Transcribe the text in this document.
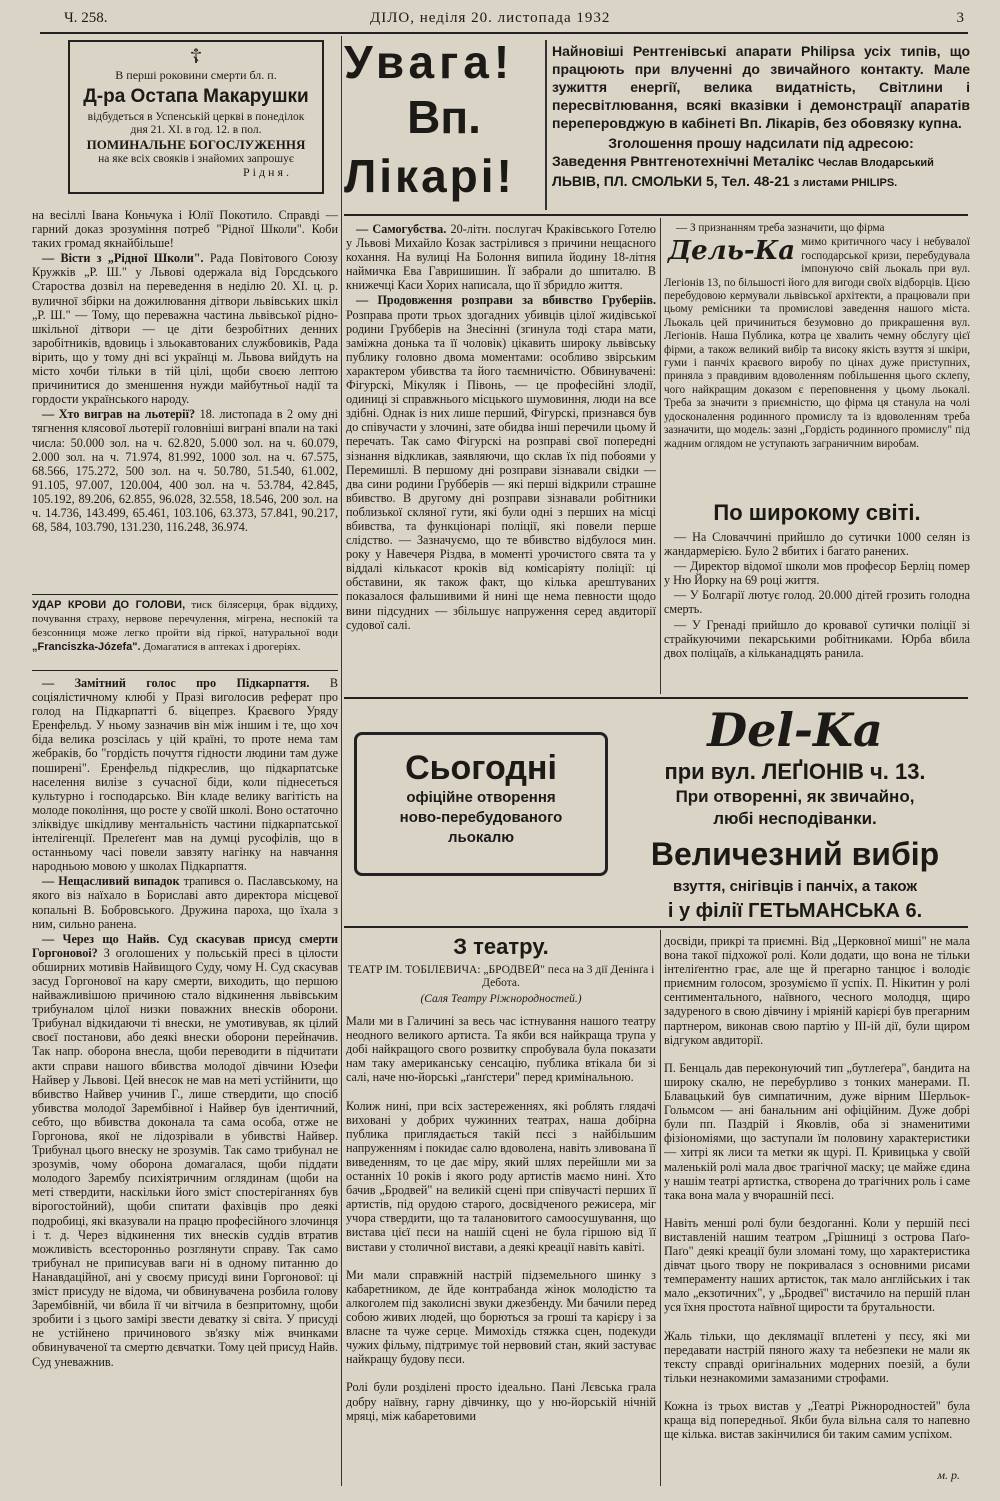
Ч. 258.	ДІЛО, неділя 20. листопада 1932	3
☦
В перші роковини смерти бл. п.
Д-ра Остапа Макарушки
відбудеться в Успенській церкві в понеділок дня 21. XI. в год. 12. в пол.
ПОМИНАЛЬНЕ БОГОСЛУЖЕННЯ
на яке всіх свояків і знайомих запрошує
Рідня.

на весіллі Івана Коньчука і Юлії Покотило. Справді — гарний доказ зрозуміння потреб "Рідної Школи". Коби таких громад якнайбільше!

— Вісти з „Рідної Школи". Рада Повітового Союзу Кружків „Р. Ш." у Львові одержала від Горсдського Староства дозвіл на переведення в неділю 20. XI. ц. р. вуличної збірки на дожилювання дітвори львівських шкіл „Р. Ш." — Тому, що переважна частина львівської рідно-шкільної дітвори — це діти безробітних денних заробітників, вдовиць і зльокавтованих службовиків, Рада вірить, що у тому дні всі українці м. Львова вийдуть на місто хочби тільки в тій цілі, щоби своєю лептою причинитися до зменшення нужди майбутньої надії та гордости українського народу.

— Хто виграв на льотерії? 18. листопада в 2 ому дні тягнення клясової льотерії головніші виграні впали на такі числа: 50.000 зол. на ч. 62.820, 5.000 зол. на ч. 60.079, 2.000 зол. на ч. 71.974, 81.992, 1000 зол. на ч. 67.575, 68.566, 175.272, 500 зол. на ч. 50.780, 51.540, 61.002, 91.105, 97.007, 120.004, 400 зол. на ч. 53.784, 42.845, 105.192, 89.206, 62.855, 96.028, 32.558, 18.546, 200 зол. на ч. 14.736, 143.499, 65.461, 103.106, 63.373, 57.841, 90.217, 68, 584, 103.790, 131.230, 116.248, 36.974.

УДАР КРОВИ ДО ГОЛОВИ, тиск білясерця, брак віддиху, почування страху, нервове перечулення, мігрена, неспокій та безсонниця може легко пройти від гіркої, натуральної води „Franciszka-Józefa". Домагатися в аптеках і дрогеріях.

— Замітний голос про Підкарпаття. В соціялістичному клюбі у Празі виголосив реферат про голод на Підкарпатті б. віцепрез. Краєвого Уряду Еренфельд. У ньому зазначив він між іншим і те, що хоч біда велика розсілась у цій країні, то проте нема там жебраків, бо "гордість почуття гідности людини там дуже поширені". Еренфельд підкреслив, що підкарпатське населення вилізе з сучасної біди, коли піднесеться культурно і господарсько. Він кладе велику вагітість на молоде покоління, що росте у своїй школі. Воно остаточно зліквідує шкідливу ментальність частини підкарпатської інтелігенції. Прелеґент мав на думці русофілів, що в останньому часі повели завзяту нагінку на навчання народньою мовою у школах Підкарпаття.

— Нещасливий випадок трапився о. Паславському, на якого віз наїхало в Бориславі авто директора місцевої копальні В. Бобровського. Дружина пароха, що їхала з ним, сильно ранена.

— Через що Найв. Суд скасував присуд смерти Горгоновоі? З оголошених у польській пресі в цілости обширних мотивів Найвищого Суду, чому Н. Суд скасував засуд Горгонової на кару смерти, виходить, що першою найважливішою причиною стало відкинення львівським трибуналом цілої низки поважних внесків оборони. Трибунал відкидаючи ті внески, не умотивував, як цілий своєї постанови, або деякі внески оборони перейначив. Так напр. оборона внесла, щоби переводити в підчитати акти справи нашого вбивства молодої дівчини Юзефи Найвер у Львові. Цей внесок не мав на меті устійнити, що вбивство Найвер учинив Г., лише ствердити, що спосіб убивства молодої Зарембівної і Найвер був ідентичний, себто, що вбивства доконала та сама особа, отже не Горгонова, якої не лідозрівали в убивстві Найвер. Трибунал цього внеску не зрозумів. Так само трибунал не зрозумів, чому оборона домагалася, щоби піддати молодого Зарембу психіятричним оглядинам (щоби на меті ствердити, наскільки його зміст спостеріганнях був вірогостойний), щоби спитати фахівців про деякі подробиці, які вказували на працю професійного злочинця і т. д. Через відкинення тих внесків суддів втратив можливість всесторонньо розглянути справу. Так само трибунал не приписував ваги ні в одному питанню до Нанавдаційної, ані у своєму присуді вини Горгонової: ці зміст присуду не відома, чи обвинувачена розбила голову Зарембівній, чи вбила її чи вітчила в безпритомну, щоби зробити і з цього замірі звести деватку зі світа. У присуді не устійнено причинового зв'язку між вчинками обвинуваченої та смертю дєвчатки. Тому цей присуд Найв. Суд уневажнив.

Увага!
Вп.
Лікарі!
Найновіші Рентгенівські апарати Philipsа усіх типів, що працюють при влученні до звичайного контакту. Мале зужиття енергії, велика видатність, Світлини і пересвітлювання, всякі вказівки і демонстрації апаратів переперовджую в кабінеті Вп. Лікарів, без обовязку купна.
Зголошення прошу надсилати під адресою:
Заведення Рвнтгенотехнічні Металікс Чеслав Влодарський
ЛЬВІВ, ПЛ. СМОЛЬКИ 5, Тел. 48-21 з листами PHILIPS.

— Самогубства. 20-літн. послугач Краківського Готелю у Львові Михайло Козак застрілився з причини нещасного кохання. На вулиці На Болоння випила йодину 18-літня наймичка Ева Гавришишин. Її забрали до шпиталю. В книжечці Каси Хорих написала, що її збридло життя.

— Продовження розправи за вбивство Груберіів. Розправа проти трьох здогадних убивців цілої жидівської родини Грубберів на Знесінні (згинула тоді стара мати, заміжна донька та її чоловік) цікавить широку львівську публику головно двома моментами: особливо звірським характером убивства та його таємничістю. Обвинувачені: Фігурскі, Мікуляк і Півонь, — це професійні злодії, одиниці зі справжнього місцького шумовиння, люди на все здібні. Однак із них лише перший, Фігурскі, признався був до співучасти у злочині, зате обидва інші перечили цьому й перечать. Так само Фігурскі на розправі свої попередні зізнання відкликав, заявляючи, що склав їх під побоями у Перемишлі. В першому дні розправи зізнавали свідки — два сини родини Грубберів — які перші відкрили страшне вбивство. В другому дні розправи зізнавали робітники поблизької скляної гути, які були одні з перших на місці вбивства, та функціонарі поліції, які повели перше слідство. — Зазначуємо, що те вбивство відбулося мин. року у Навечеря Різдва, в моменті урочистого свята та у віддалі кількасот кроків від комісаріяту поліції: ці обставини, як також факт, що кілька арештуваних показалося фальшивими й нині ще нема певности щодо вини підсудних — збільшує напруження серед авдиторії судової салі.

— З признанням треба зазначити, що фірма

Дель-Ка мимо критичного часу і небувалої господарської кризи, перебудувала імпонуючо свій льокаль при вул. Легіонів 13, по більшості його для вигоди своїх відборців. Цією перебудовою кермували львівської архітекти, а працювали при цьому ремісники та промислові заведення нашого міста. Льокаль цей причиниться безумовно до прикрашення вул. Легіонів. Наша Публика, котра це хвалить чемну обслугу цієї фірми, а також великий вибір та високу якість взуття зі шкіри, гуми і панчіх краєвого виробу по цінах дуже приступних, приняла з правдивим вдоволенням побільшення цього склепу, чого найкращим доказом є переповнення у цьому льокалі. Треба за значити з приємністю, що фірма ця станула на чолі удосконалення родинного промислу та із вдоволенням треба зазначити, що модель: зазні „Гордість родинного промислу" під жадним оглядом не уступають заграничним виробам.

По широкому світі.

— На Словаччині прийшло до сутички 1000 селян із жандармерією. Було 2 вбитих і багато ранених.

— Директор відомої школи мов професор Берліц помер у Ню Йорку на 69 році життя.

— У Болгарії лютує голод. 20.000 дітей грозить голодна смерть.

— У Гренаді прийшло до кровавої сутички поліції зі страйкуючими пекарськими робітниками. Юрба вбила двох поліцаїв, а кільканадцять ранила.

Сьогодні
офіційне отворення
ново-перебудованого
льокалю
Del-Ka
при вул. ЛЕҐІОНІВ ч. 13.
При отворенні, як звичайно,
любі несподіванки.
Величезний вибір
взуття, снігівців і панчіх, а також
і у філії ГЕТЬМАНСЬКА 6.
З театру.
ТЕАТР ІМ. ТОБІЛЕВИЧА: „БРОДВЕЙ" песа на 3 дії Денінґа і Дебота.
(Саля Театру Ріжнородностей.)
Мали ми в Галичині за весь час істнування нашого театру неодного великого артиста. Та якби вся найкраща трупа у добі найкращого свого розвитку спробувала була показати нам таку американську сенсацію, публика втікала би зі салі, наче ню-йорські „ґанґстери" перед кримінальною.

Колиж нині, при всіх застереженнях, які роблять глядачі виховані у добрих чужинних театрах, наша добірна публика приглядається такій пєсі з найбільшим напруженням і покидає салю вдоволена, навіть зливована її виведенням, то це дає міру, який шлях перейшли ми за останніх 10 років і якого роду артистів маємо нині. Хто бачив „Бродвей" на великій сцені при співучасті перших її артистів, під орудою старого, досвідченого режисера, міг учора ствердити, що та талановитого самоосушування, що вистава цієї пєси на нашій сцені не була гіршою від її вистави у столичної вистави, а деякі креації навіть кавіті.

Ми мали справжній настрій підземельного шинку з кабаретником, де йде контрабанда жінок молодістю та алкоголем під заколисні звуки джезбенду. Ми бачили перед собою живих людей, що борються за гроші та карієру і за власне та чуже серце. Мимохідь стяжка сцен, подекуди чужих фільму, підтримує той нервовий стан, який застуває найкращу будову пєси.

Ролі були розділені просто ідеально. Пані Лєвська грала добру наївну, гарну дівчинку, що у ню-йорській нічній мряці, між кабаретовими
досвіди, прикрі та приємні. Від „Церковної миші" не мала вона такої підхожої ролі. Коли додати, що вона не тільки інтеліґентно грає, але ще й прегарно танцює і володіє приємним голосом, зрозуміємо її успіх. П. Нікитин у ролі сентиментального, наївного, чесного молодця, щиро задуреного в свою дівчину і мріяній карієрі був прегарним партнером, виконав свою партію у ІІІ-ій дії, були щиром відгуком авдиторії.

П. Бенцаль дав переконуючий тип „бутлеґера", бандита на широку скалю, не перебурливо з тонких манерами. П. Блавацький був симпатичним, дуже вірним Шерльок-Гольмсом — ані банальним ані офіційним. Дуже добрі були пп. Паздрій і Яковлів, оба зі знаменитими фізіономіями, що заступали їм половину характеристики — хитрі як лиси та метки як щурі. П. Кривицька у своїй маленькій ролі мала двоє трагічної маску; це майже єдина у нашім театрі артистка, створена до трагічних роль і саме така вона мала у вчорашній пєсі.

Навіть менші ролі були бездоганні. Коли у першій пєсі виставленій нашим театром „Грішниці з острова Паґо-Паґо" деякі креації були зломані тому, що характеристика дівчат цього твору не покривалася з основними рисами темпераменту наших артисток, так мало англійських і так мало „екзотичних", у „Бродвеї" вистачило на першій план уся їхня простота наївної щирости та брутальности.

Жаль тільки, що деклямації вплетені у пєсу, які ми передавати настрій пяного жаху та небезпеки не мали як тексту справді оригінальних модерних поезій, а були тільки незнакомими замазаними строфами.

Кожна із трьох вистав у „Театрі Ріжнородностей" була краща від попередньої. Якби була вільна саля то напевно ще кілька. вистав закінчилися би таким самим успіхом.
м. р.
